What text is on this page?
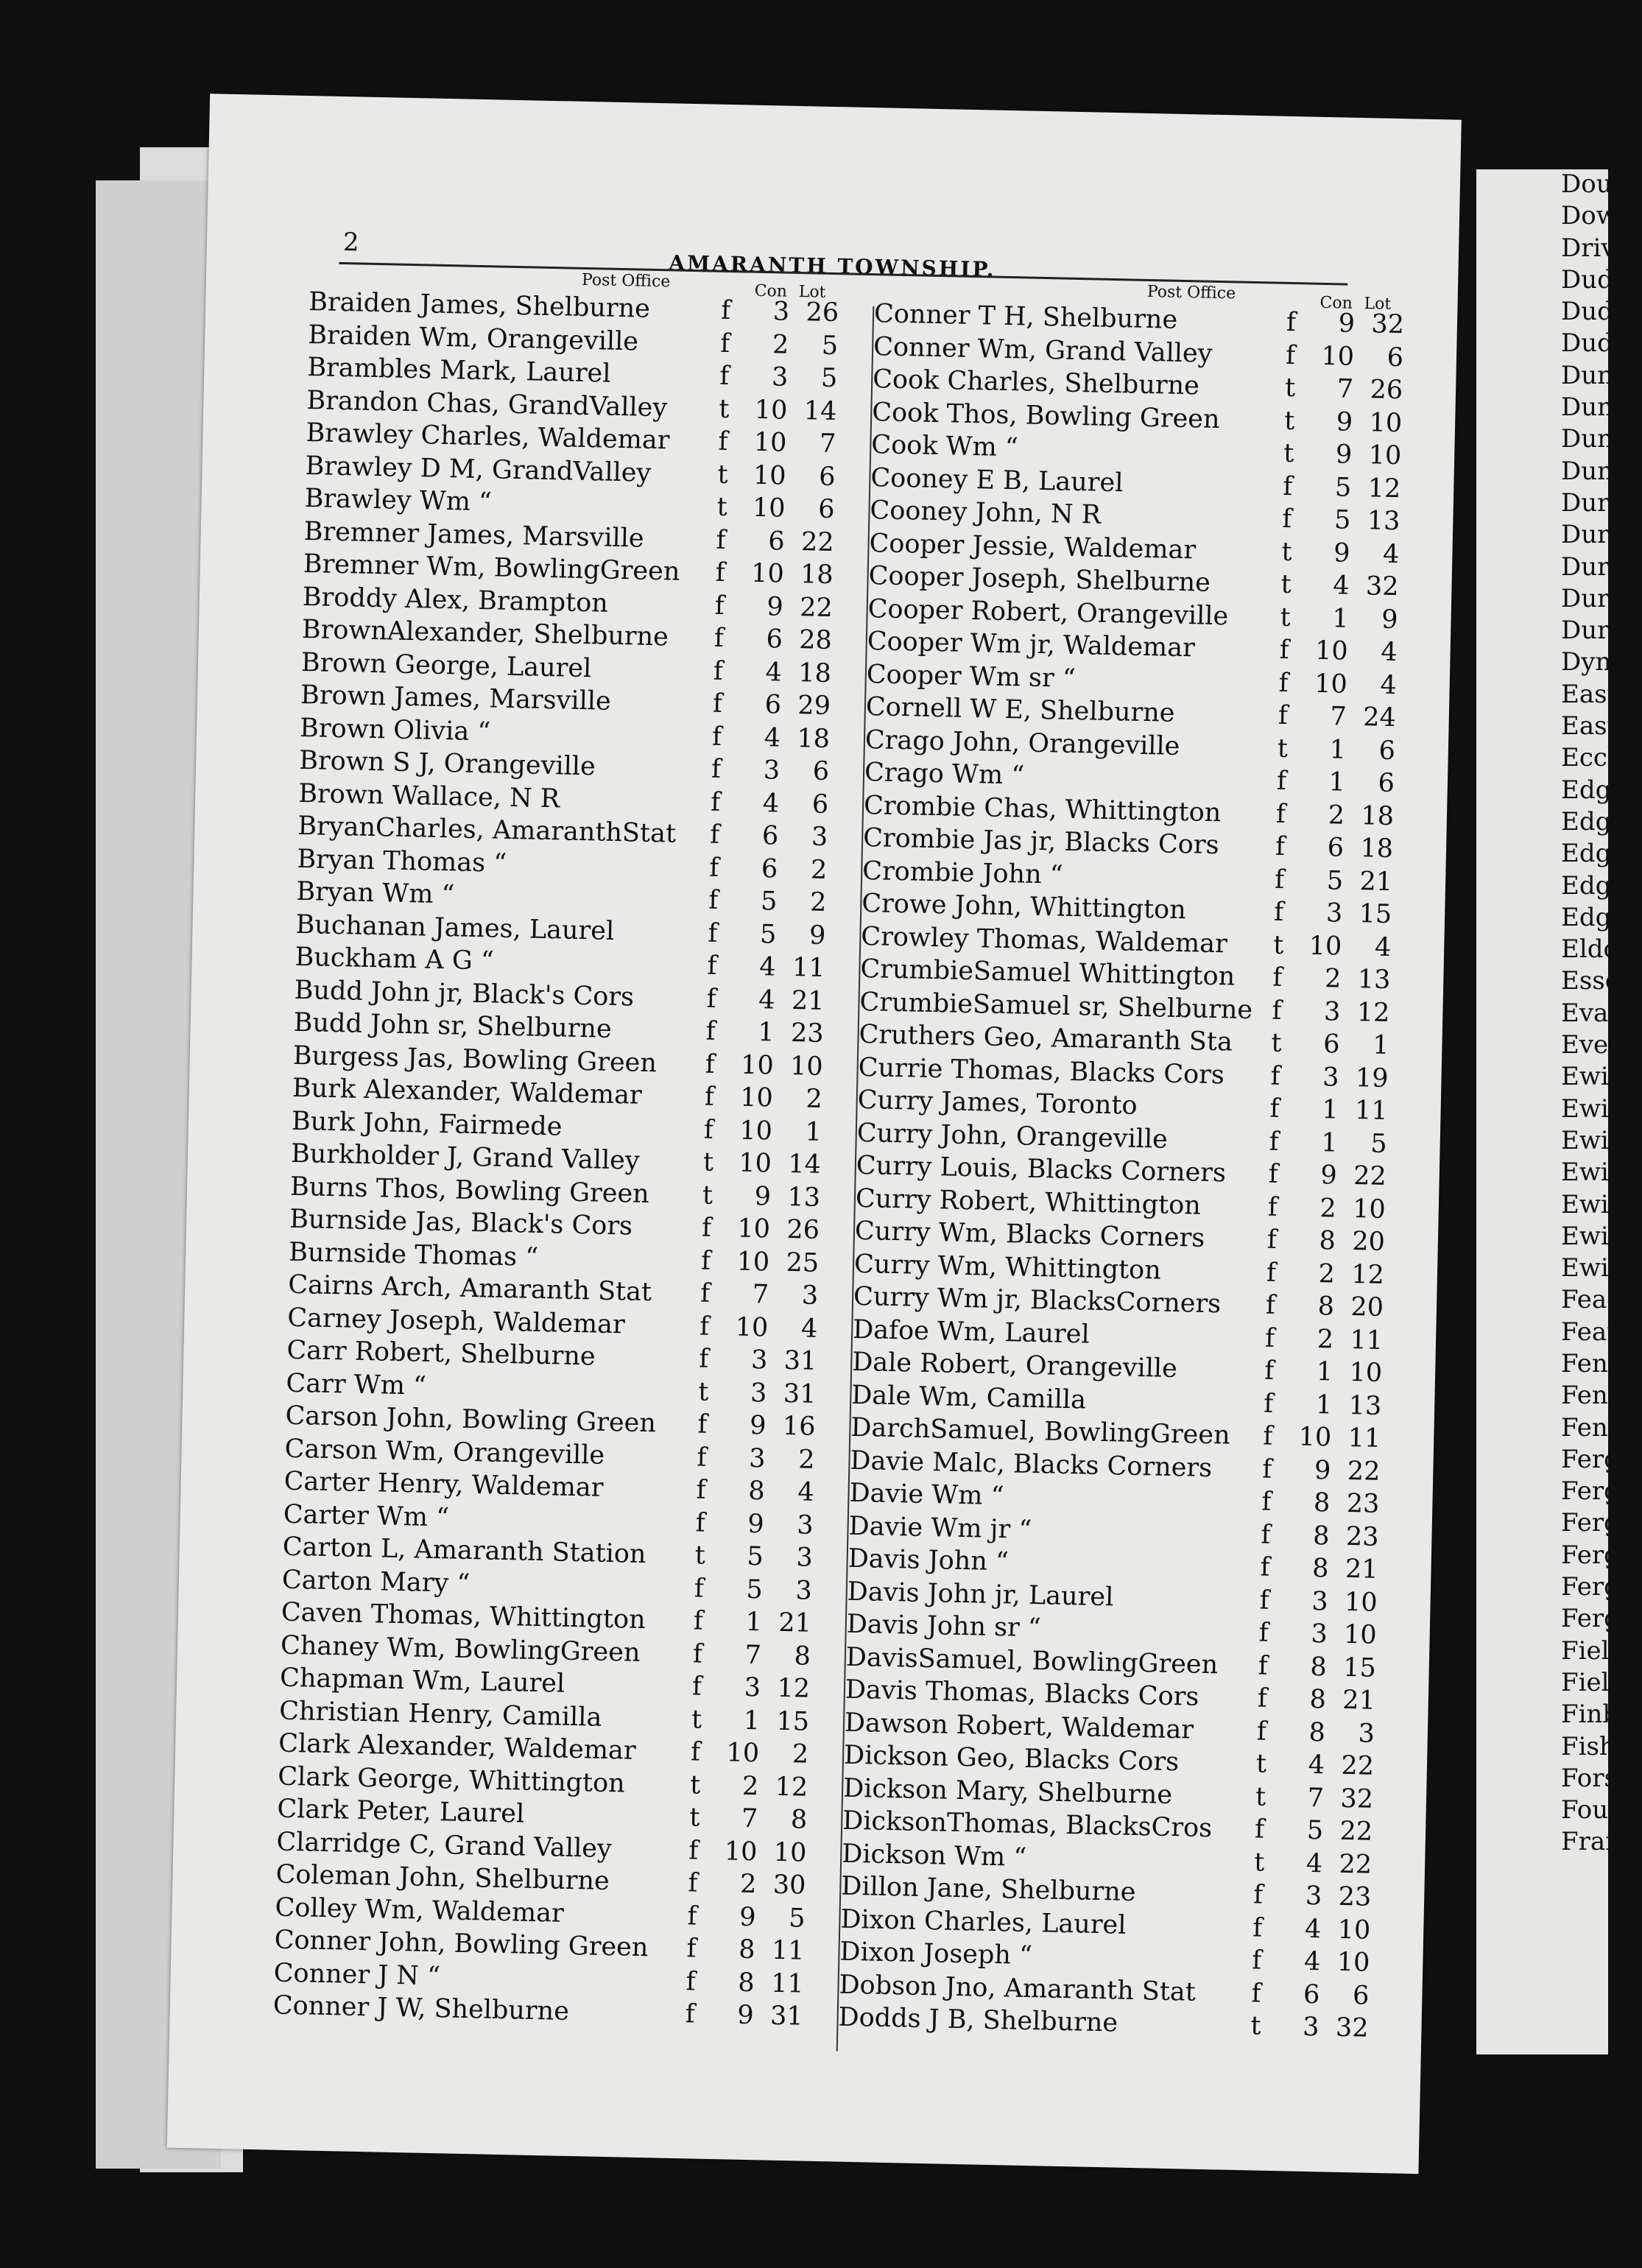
Dou
Dow
Driv
Dud
Dud
Dud
Dun
Dun
Dun
Dun
Durl
Durl
Durl
Durl
Durl
Dyn
East
East
Eccl
Edga
Edga
Edga
Edga
Edga
Eldo
Essen
Evan
Ever
Ewin
Ewin
Ewin
Ewin
Ewin
Ewin
Ewin
Fead
Feath
Fenn
Fenn
Fenn
Fergu
Fergu
Fergu
Fergu
Fergu
Fergu
Field
Field
Finbo
Fisher
Forsyt
Found
Frank
2
AMARANTH TOWNSHIP.
Post Office
Con Lot
Braiden James, Shelburne	f	3 26
Braiden Wm, Orangeville	f	2	5
Brambles Mark, Laurel	f	3	5
Brandon Chas, GrandValley	t 10 14
Brawley Charles, Waldemar	f 10	7
Brawley D M, GrandValley	t 10	6
Brawley Wm “	t 10	6
Bremner James, Marsville	f	6 22
Bremner Wm, BowlingGreen	f 10 18
Broddy Alex, Brampton	f	9 22
BrownAlexander, Shelburne	f	6 28
Brown George, Laurel	f	4 18
Brown James, Marsville	f	6 29
Brown Olivia “	f	4 18
Brown S J, Orangeville	f	3	6
Brown Wallace, N R	f	4	6
BryanCharles, AmaranthStat	f	6	3
Bryan Thomas “	f	6	2
Bryan Wm “	f	5	2
Buchanan James, Laurel	f	5	9
Buckham A G “	f	4 11
Budd John jr, Black's Cors	f	4 21
Budd John sr, Shelburne	f	1 23
Burgess Jas, Bowling Green	f 10 10
Burk Alexander, Waldemar	f 10	2
Burk John, Fairmede	f 10	1
Burkholder J, Grand Valley	t 10 14
Burns Thos, Bowling Green	t	9 13
Burnside Jas, Black's Cors	f 10 26
Burnside Thomas “	f 10 25
Cairns Arch, Amaranth Stat	f	7	3
Carney Joseph, Waldemar	f 10	4
Carr Robert, Shelburne	f	3 31
Carr Wm “	t	3 31
Carson John, Bowling Green	f	9 16
Carson Wm, Orangeville	f	3	2
Carter Henry, Waldemar	f	8	4
Carter Wm “	f	9	3
Carton L, Amaranth Station	t	5	3
Carton Mary “	f	5	3
Caven Thomas, Whittington	f	1 21
Chaney Wm, BowlingGreen	f	7	8
Chapman Wm, Laurel	f	3 12
Christian Henry, Camilla	t	1 15
Clark Alexander, Waldemar	f 10	2
Clark George, Whittington	t	2 12
Clark Peter, Laurel	t	7	8
Clarridge C, Grand Valley	f 10 10
Coleman John, Shelburne	f	2 30
Colley Wm, Waldemar	f	9	5
Conner John, Bowling Green	f	8 11
Conner J N “	f	8 11
Conner J W, Shelburne	f	9 31
Post Office
Con Lot
Conner T H, Shelburne	f	9 32
Conner Wm, Grand Valley	f 10	6
Cook Charles, Shelburne	t	7 26
Cook Thos, Bowling Green	t	9 10
Cook Wm “	t	9 10
Cooney E B, Laurel	f	5 12
Cooney John, N R	f	5 13
Cooper Jessie, Waldemar	t	9	4
Cooper Joseph, Shelburne	t	4 32
Cooper Robert, Orangeville	t	1	9
Cooper Wm jr, Waldemar	f 10	4
Cooper Wm sr “	f 10	4
Cornell W E, Shelburne	f	7 24
Crago John, Orangeville	t	1	6
Crago Wm “	f	1	6
Crombie Chas, Whittington	f	2 18
Crombie Jas jr, Blacks Cors	f	6 18
Crombie John “	f	5 21
Crowe John, Whittington	f	3 15
Crowley Thomas, Waldemar	t 10	4
CrumbieSamuel Whittington	f	2 13
CrumbieSamuel sr, Shelburne f	3 12
Cruthers Geo, Amaranth Sta	t	6	1
Currie Thomas, Blacks Cors	f	3 19
Curry James, Toronto	f	1 11
Curry John, Orangeville	f	1	5
Curry Louis, Blacks Corners	f	9 22
Curry Robert, Whittington	f	2 10
Curry Wm, Blacks Corners	f	8 20
Curry Wm, Whittington	f	2 12
Curry Wm jr, BlacksCorners	f	8 20
Dafoe Wm, Laurel	f	2 11
Dale Robert, Orangeville	f	1 10
Dale Wm, Camilla	f	1 13
DarchSamuel, BowlingGreen	f 10 11
Davie Malc, Blacks Corners	f	9 22
Davie Wm “	f	8 23
Davie Wm jr “	f	8 23
Davis John “	f	8 21
Davis John jr, Laurel	f	3 10
Davis John sr “	f	3 10
DavisSamuel, BowlingGreen	f	8 15
Davis Thomas, Blacks Cors	f	8 21
Dawson Robert, Waldemar	f	8	3
Dickson Geo, Blacks Cors	t	4 22
Dickson Mary, Shelburne	t	7 32
DicksonThomas, BlacksCros	f	5 22
Dickson Wm “	t	4 22
Dillon Jane, Shelburne	f	3 23
Dixon Charles, Laurel	f	4 10
Dixon Joseph “	f	4 10
Dobson Jno, Amaranth Stat	f	6	6
Dodds J B, Shelburne	t	3 32
